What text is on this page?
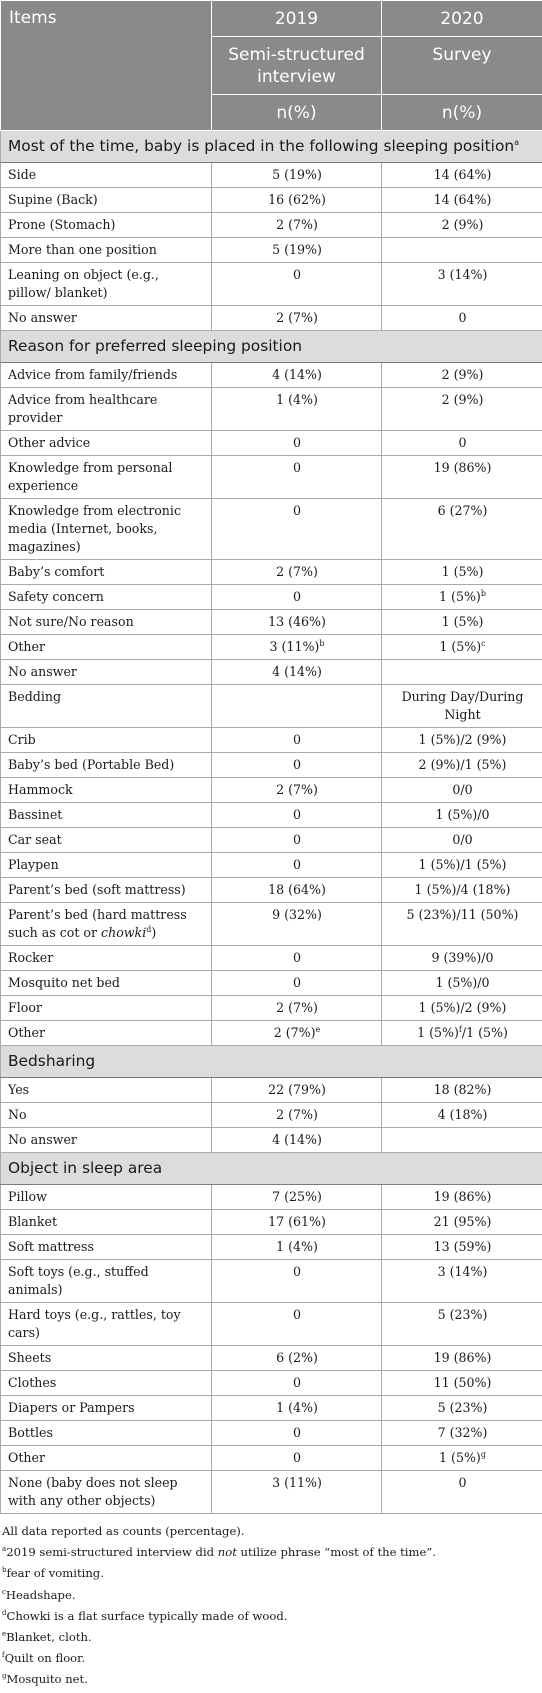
Items	2019	2020
	Semi-structured interview	Survey
	n(%)	n(%)
Most of the time, baby is placed in the following sleeping position$^a$
Side	5 (19%)	14 (64%)
Supine (Back)	16 (62%)	14 (64%)
Prone (Stomach)	2 (7%)	2 (9%)
More than one position	5 (19%)	
Leaning on object (e.g., pillow/ blanket)	0	3 (14%)
No answer	2 (7%)	0
Reason for preferred sleeping position		
Advice from family/friends	4 (14%)	2 (9%)
Advice from healthcare provider	1 (4%)	2 (9%)
Other advice	0	0
Knowledge from personal experience	0	19 (86%)
Knowledge from electronic media (Internet, books, magazines)	0	6 (27%)
Baby’s comfort	2 (7%)	1 (5%)
Safety concern	0	1 $(5\%)^b$
Not sure/No reason	13 (46%)	1 (5%)
Other	3 $(11\%)^b$	1 $(5\%)^c$
No answer	4 (14%)	
Bedding		During Day/During Night
Crib	0	1 (5%)/2 (9%)
Baby’s bed (Portable Bed)	0	2 (9%)/1 (5%)
Hammock	2 (7%)	0/0
Bassinet	0	1 (5%)/0
Car seat	0	0/0
Playpen	0	1 (5%)/1 (5%)
Parent’s bed (soft mattress)	18 (64%)	1 (5%)/4 (18%)
Parent’s bed (hard mattress such as cot or chowki$^d$)	9 (32%)	5 (23%)/11 (50%)
Rocker	0	9 (39%)/0
Mosquito net bed	0	1 (5%)/0
Floor	2 (7%)	1 (5%)/2 (9%)
Other	2 $(7\%)^e$	1 $(5\%)^f/1$ (5%)
Bedsharing		
Yes	22 (79%)	18 (82%)
No	2 (7%)	4 (18%)
No answer	4 (14%)	
Object in sleep area		
Pillow	7 (25%)	19 (86%)
Blanket	17 (61%)	21 (95%)
Soft mattress	1 (4%)	13 (59%)
Soft toys (e.g., stuffed animals)	0	3 (14%)
Hard toys (e.g., rattles, toy cars)	0	5 (23%)
Sheets	6 (2%)	19 (86%)
Clothes	0	11 (50%)
Diapers or Pampers	1 (4%)	5 (23%)
Bottles	0	7 (32%)
Other	0	1 $(5\%)^g$
None (baby does not sleep with any other objects)	3 (11%)	0
All data reported as counts (percentage).
$^a$2019 semi-structured interview did not utilize phrase “most of the time”.
$^b$fear of vomiting.
$^c$Headshape.
$^d$Chowki is a flat surface typically made of wood.
$^e$Blanket, cloth.
$^f$Quilt on floor.
$^g$Mosquito net.
